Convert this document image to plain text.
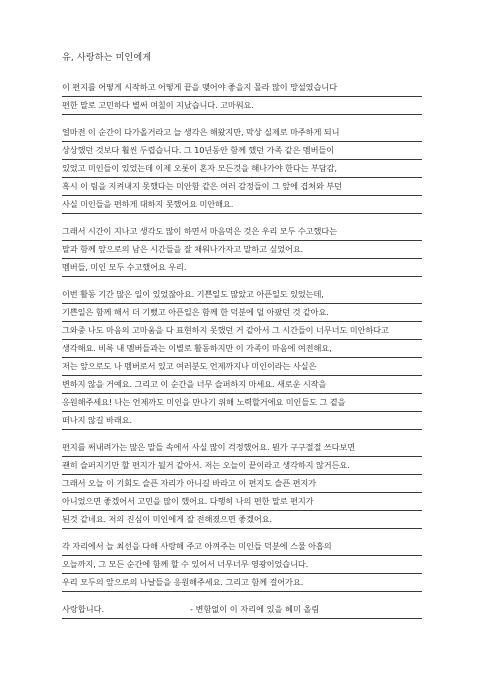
유, 사랑하는 미인에게
이 편지를 어떻게 시작하고 어떻게 끝을 맺어야 좋을지 몰라 많이 망설였습니다
편한 말로 고민하다 별써 며칠이 지났습니다. 고마워요.
얼마전 이 순간이 다가올거라고 늘 생각은 해왔지만, 막상 실제로 마주하게 되니
상상했던 것보다 훨씬 두렵습니다. 그 10년동안 함께 했던 가족 같은 멤버들이
있었고 미인들이 있었는데 이제 오롯이 혼자 모든것을 해나가야 한다는 부담감,
혹시 이 팀을 지켜내지 못했다는 미안함 같은 여러 감정들이 그 앞에 겹쳐와 부던
사실 미인들을 편하게 대하지 못했어요 미안해요.
그래서 시간이 지나고 생각도 많이 하면서 마음먹은 것은 우리 모두 수고했다는
말과 함께 앞으로의 남은 시간들을 잘 채워나가자고 말하고 싶었어요.
멤버들, 미인 모두 수고했어요 우리.
이번 활동 기간 많은 일이 있었잖아요. 기쁜일도 많았고 아픈일도 있었는데,
기쁜일은 함께 해서 더 기뻤고 아픈일은 함께 한 덕분에 덜 아팠던 것 같아요.
그와중 나도 마음의 고마움을 다 표현하지 못했던 거 같아서 그 시간들이 너무너도 미안하다고
생각해요. 비록 내 멤버들과는 이별로 활동하지만 이 가족이 마음에 여전해요,
저는 앞으로도 나 멤버로서 있고 여러분도 언제까지나 미인이라는 사실은
변하지 않을 거예요. 그리고 이 순간을 너무 슬퍼하지 마세요. 새로운 시작을
응원해주세요! 나는 언제까도 미인을 만나기 위해 노력할거에요 미인들도 그 곁을
떠나지 않길 바래요.
편지를 써내려가는 많은 말들 속에서 사실 많이 걱정했어요. 뭔가 구구절절 쓰다보면
괜히 슬퍼지기만 할 편지가 될거 같아서. 저는 오늘이 끝이라고 생각하지 않거든요.
그래서 오늘 이 기회도 슬픈 자리가 아니길 바라고 이 편지도 슬픈 편지가
아니었으면 좋겠어서 고민을 많이 했어요. 다행히 나의 편한 말로 편지가
된것 같네요. 저의 진심이 미인에게 잘 전해졌으면 좋겠어요.
각 자리에서 늘 최선을 다해 사랑해 주고 아껴주는 미인들 덕분에 스물 아홉의
오늘까지, 그 모든 순간에 함께 할 수 있어서 너무너무 영광이었습니다.
우리 모두의 앞으로의 나날들을 응원해주세요. 그리고 함께 걸어가요.
사랑합니다.	- 변함없이 이 자리에 있을 혜미 올림
